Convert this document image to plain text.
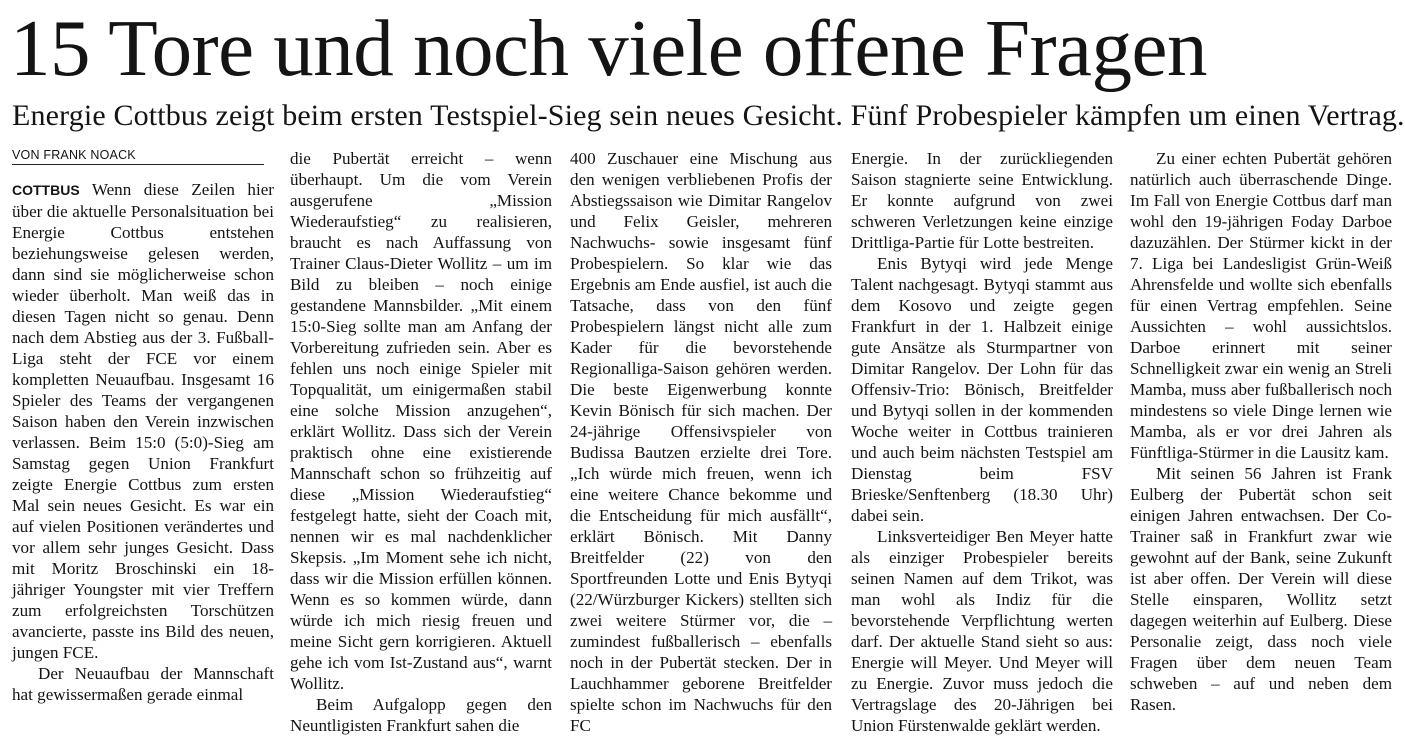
15 Tore und noch viele offene Fragen
Energie Cottbus zeigt beim ersten Testspiel-Sieg sein neues Gesicht. Fünf Probespieler kämpfen um einen Vertrag.
VON FRANK NOACK

COTTBUS Wenn diese Zeilen hier über die aktuelle Personalsituation bei Energie Cottbus entstehen beziehungsweise gelesen werden, dann sind sie möglicherweise schon wieder überholt. Man weiß das in diesen Tagen nicht so genau. Denn nach dem Abstieg aus der 3. Fußball-Liga steht der FCE vor einem kompletten Neuaufbau. Insgesamt 16 Spieler des Teams der vergangenen Saison haben den Verein inzwischen verlassen. Beim 15:0 (5:0)-Sieg am Samstag gegen Union Frankfurt zeigte Energie Cottbus zum ersten Mal sein neues Gesicht. Es war ein auf vielen Positionen verändertes und vor allem sehr junges Gesicht. Dass mit Moritz Broschinski ein 18-jähriger Youngster mit vier Treffern zum erfolgreichsten Torschützen avancierte, passte ins Bild des neuen, jungen FCE.

Der Neuaufbau der Mannschaft hat gewissermaßen gerade einmal

die Pubertät erreicht – wenn überhaupt. Um die vom Verein ausgerufene „Mission Wiederaufstieg“ zu realisieren, braucht es nach Auffassung von Trainer Claus-Dieter Wollitz – um im Bild zu bleiben – noch einige gestandene Mannsbilder. „Mit einem 15:0-Sieg sollte man am Anfang der Vorbereitung zufrieden sein. Aber es fehlen uns noch einige Spieler mit Topqualität, um einigermaßen stabil eine solche Mission anzugehen“, erklärt Wollitz. Dass sich der Verein praktisch ohne eine existierende Mannschaft schon so frühzeitig auf diese „Mission Wiederaufstieg“ festgelegt hatte, sieht der Coach mit, nennen wir es mal nachdenklicher Skepsis. „Im Moment sehe ich nicht, dass wir die Mission erfüllen können. Wenn es so kommen würde, dann würde ich mich riesig freuen und meine Sicht gern korrigieren. Aktuell gehe ich vom Ist-Zustand aus“, warnt Wollitz.

Beim Aufgalopp gegen den Neuntligisten Frankfurt sahen die

400 Zuschauer eine Mischung aus den wenigen verbliebenen Profis der Abstiegssaison wie Dimitar Rangelov und Felix Geisler, mehreren Nachwuchs- sowie insgesamt fünf Probespielern. So klar wie das Ergebnis am Ende ausfiel, ist auch die Tatsache, dass von den fünf Probespielern längst nicht alle zum Kader für die bevorstehende Regionalliga-Saison gehören werden. Die beste Eigenwerbung konnte Kevin Bönisch für sich machen. Der 24-jährige Offensivspieler von Budissa Bautzen erzielte drei Tore. „Ich würde mich freuen, wenn ich eine weitere Chance bekomme und die Entscheidung für mich ausfällt“, erklärt Bönisch. Mit Danny Breitfelder (22) von den Sportfreunden Lotte und Enis Bytyqi (22/Würzburger Kickers) stellten sich zwei weitere Stürmer vor, die – zumindest fußballerisch – ebenfalls noch in der Pubertät stecken. Der in Lauchhammer geborene Breitfelder spielte schon im Nachwuchs für den FC

Energie. In der zurückliegenden Saison stagnierte seine Entwicklung. Er konnte aufgrund von zwei schweren Verletzungen keine einzige Drittliga-Partie für Lotte bestreiten.

Enis Bytyqi wird jede Menge Talent nachgesagt. Bytyqi stammt aus dem Kosovo und zeigte gegen Frankfurt in der 1. Halbzeit einige gute Ansätze als Sturmpartner von Dimitar Rangelov. Der Lohn für das Offensiv-Trio: Bönisch, Breitfelder und Bytyqi sollen in der kommenden Woche weiter in Cottbus trainieren und auch beim nächsten Testspiel am Dienstag beim FSV Brieske/Senftenberg (18.30 Uhr) dabei sein.

Linksverteidiger Ben Meyer hatte als einziger Probespieler bereits seinen Namen auf dem Trikot, was man wohl als Indiz für die bevorstehende Verpflichtung werten darf. Der aktuelle Stand sieht so aus: Energie will Meyer. Und Meyer will zu Energie. Zuvor muss jedoch die Vertragslage des 20-Jährigen bei Union Fürstenwalde geklärt werden.

Zu einer echten Pubertät gehören natürlich auch überraschende Dinge. Im Fall von Energie Cottbus darf man wohl den 19-jährigen Foday Darboe dazuzählen. Der Stürmer kickt in der 7. Liga bei Landesligist Grün-Weiß Ahrensfelde und wollte sich ebenfalls für einen Vertrag empfehlen. Seine Aussichten – wohl aussichtslos. Darboe erinnert mit seiner Schnelligkeit zwar ein wenig an Streli Mamba, muss aber fußballerisch noch mindestens so viele Dinge lernen wie Mamba, als er vor drei Jahren als Fünftliga-Stürmer in die Lausitz kam.

Mit seinen 56 Jahren ist Frank Eulberg der Pubertät schon seit einigen Jahren entwachsen. Der Co-Trainer saß in Frankfurt zwar wie gewohnt auf der Bank, seine Zukunft ist aber offen. Der Verein will diese Stelle einsparen, Wollitz setzt dagegen weiterhin auf Eulberg. Diese Personalie zeigt, dass noch viele Fragen über dem neuen Team schweben – auf und neben dem Rasen.
